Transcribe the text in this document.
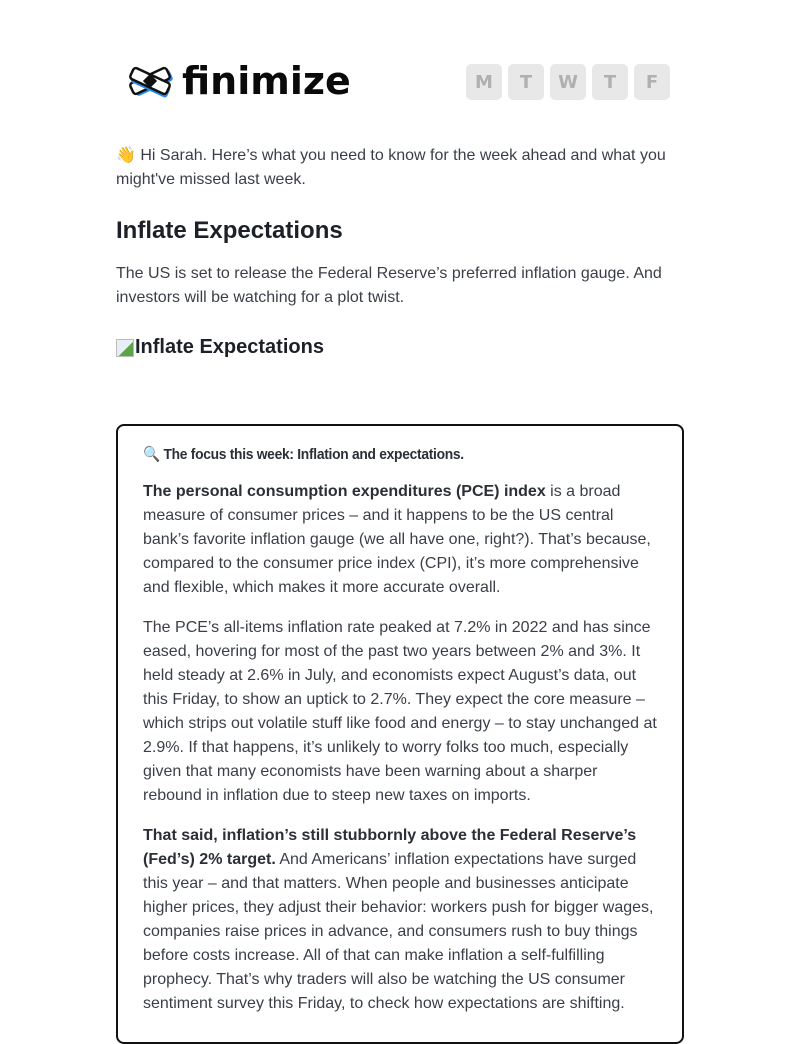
finimize	M	T	W	T	F
👋 Hi Sarah. Here’s what you need to know for the week ahead and what you might've missed last week.
Inflate Expectations
The US is set to release the Federal Reserve’s preferred inflation gauge. And investors will be watching for a plot twist.
Inflate Expectations
🔍 The focus this week: Inflation and expectations.

The personal consumption expenditures (PCE) index is a broad measure of consumer prices – and it happens to be the US central bank’s favorite inflation gauge (we all have one, right?). That’s because, compared to the consumer price index (CPI), it’s more comprehensive and flexible, which makes it more accurate overall.

The PCE’s all-items inflation rate peaked at 7.2% in 2022 and has since eased, hovering for most of the past two years between 2% and 3%. It held steady at 2.6% in July, and economists expect August’s data, out this Friday, to show an uptick to 2.7%. They expect the core measure – which strips out volatile stuff like food and energy – to stay unchanged at 2.9%. If that happens, it’s unlikely to worry folks too much, especially given that many economists have been warning about a sharper rebound in inflation due to steep new taxes on imports.

That said, inflation’s still stubbornly above the Federal Reserve’s (Fed’s) 2% target. And Americans’ inflation expectations have surged this year – and that matters. When people and businesses anticipate higher prices, they adjust their behavior: workers push for bigger wages, companies raise prices in advance, and consumers rush to buy things before costs increase. All of that can make inflation a self-fulfilling prophecy. That’s why traders will also be watching the US consumer sentiment survey this Friday, to check how expectations are shifting.
